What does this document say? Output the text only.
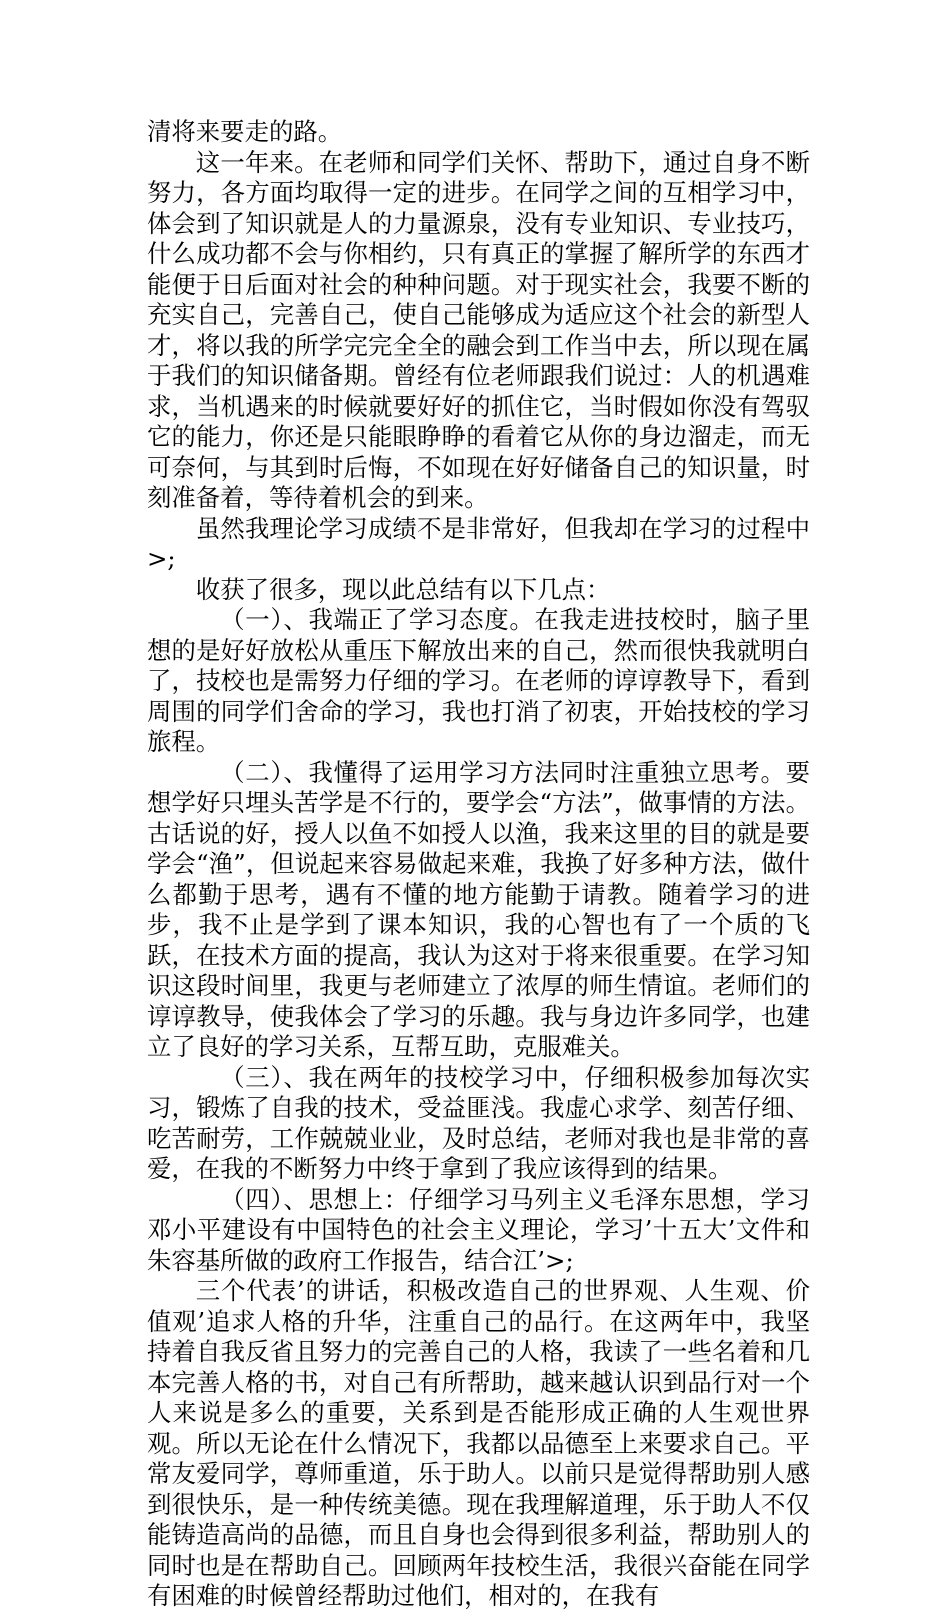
清将来要走的路。

这一年来。在老师和同学们关怀、帮助下，通过自身不断努力，各方面均取得一定的进步。在同学之间的互相学习中，体会到了知识就是人的力量源泉，没有专业知识、专业技巧，什么成功都不会与你相约，只有真正的掌握了解所学的东西才能便于日后面对社会的种种问题。对于现实社会，我要不断的充实自己，完善自己，使自己能够成为适应这个社会的新型人才，将以我的所学完完全全的融会到工作当中去，所以现在属于我们的知识储备期。曾经有位老师跟我们说过：人的机遇难求，当机遇来的时候就要好好的抓住它，当时假如你没有驾驭它的能力，你还是只能眼睁睁的看着它从你的身边溜走，而无可奈何，与其到时后悔，不如现在好好储备自己的知识量，时刻准备着，等待着机会的到来。

虽然我理论学习成绩不是非常好，但我却在学习的过程中>;

收获了很多，现以此总结有以下几点：

（一）、我端正了学习态度。在我走进技校时，脑子里想的是好好放松从重压下解放出来的自己，然而很快我就明白了，技校也是需努力仔细的学习。在老师的谆谆教导下，看到周围的同学们舍命的学习，我也打消了初衷，开始技校的学习旅程。

（二）、我懂得了运用学习方法同时注重独立思考。要想学好只埋头苦学是不行的，要学会“方法”，做事情的方法。古话说的好，授人以鱼不如授人以渔，我来这里的目的就是要学会“渔”，但说起来容易做起来难，我换了好多种方法，做什么都勤于思考，遇有不懂的地方能勤于请教。随着学习的进步，我不止是学到了课本知识，我的心智也有了一个质的飞跃，在技术方面的提高，我认为这对于将来很重要。在学习知识这段时间里，我更与老师建立了浓厚的师生情谊。老师们的谆谆教导，使我体会了学习的乐趣。我与身边许多同学，也建立了良好的学习关系，互帮互助，克服难关。

（三）、我在两年的技校学习中，仔细积极参加每次实习，锻炼了自我的技术，受益匪浅。我虚心求学、刻苦仔细、吃苦耐劳，工作兢兢业业，及时总结，老师对我也是非常的喜爱，在我的不断努力中终于拿到了我应该得到的结果。

（四）、思想上：仔细学习马列主义毛泽东思想，学习邓小平建设有中国特色的社会主义理论，学习’十五大’文件和朱容基所做的政府工作报告，结合江’>;

三个代表’的讲话，积极改造自己的世界观、人生观、价值观’追求人格的升华，注重自己的品行。在这两年中，我坚持着自我反省且努力的完善自己的人格，我读了一些名着和几本完善人格的书，对自己有所帮助，越来越认识到品行对一个人来说是多么的重要，关系到是否能形成正确的人生观世界观。所以无论在什么情况下，我都以品德至上来要求自己。平常友爱同学，尊师重道，乐于助人。以前只是觉得帮助别人感到很快乐，是一种传统美德。现在我理解道理，乐于助人不仅能铸造高尚的品德，而且自身也会得到很多利益，帮助别人的同时也是在帮助自己。回顾两年技校生活，我很兴奋能在同学有困难的时候曾经帮助过他们，相对的，在我有
